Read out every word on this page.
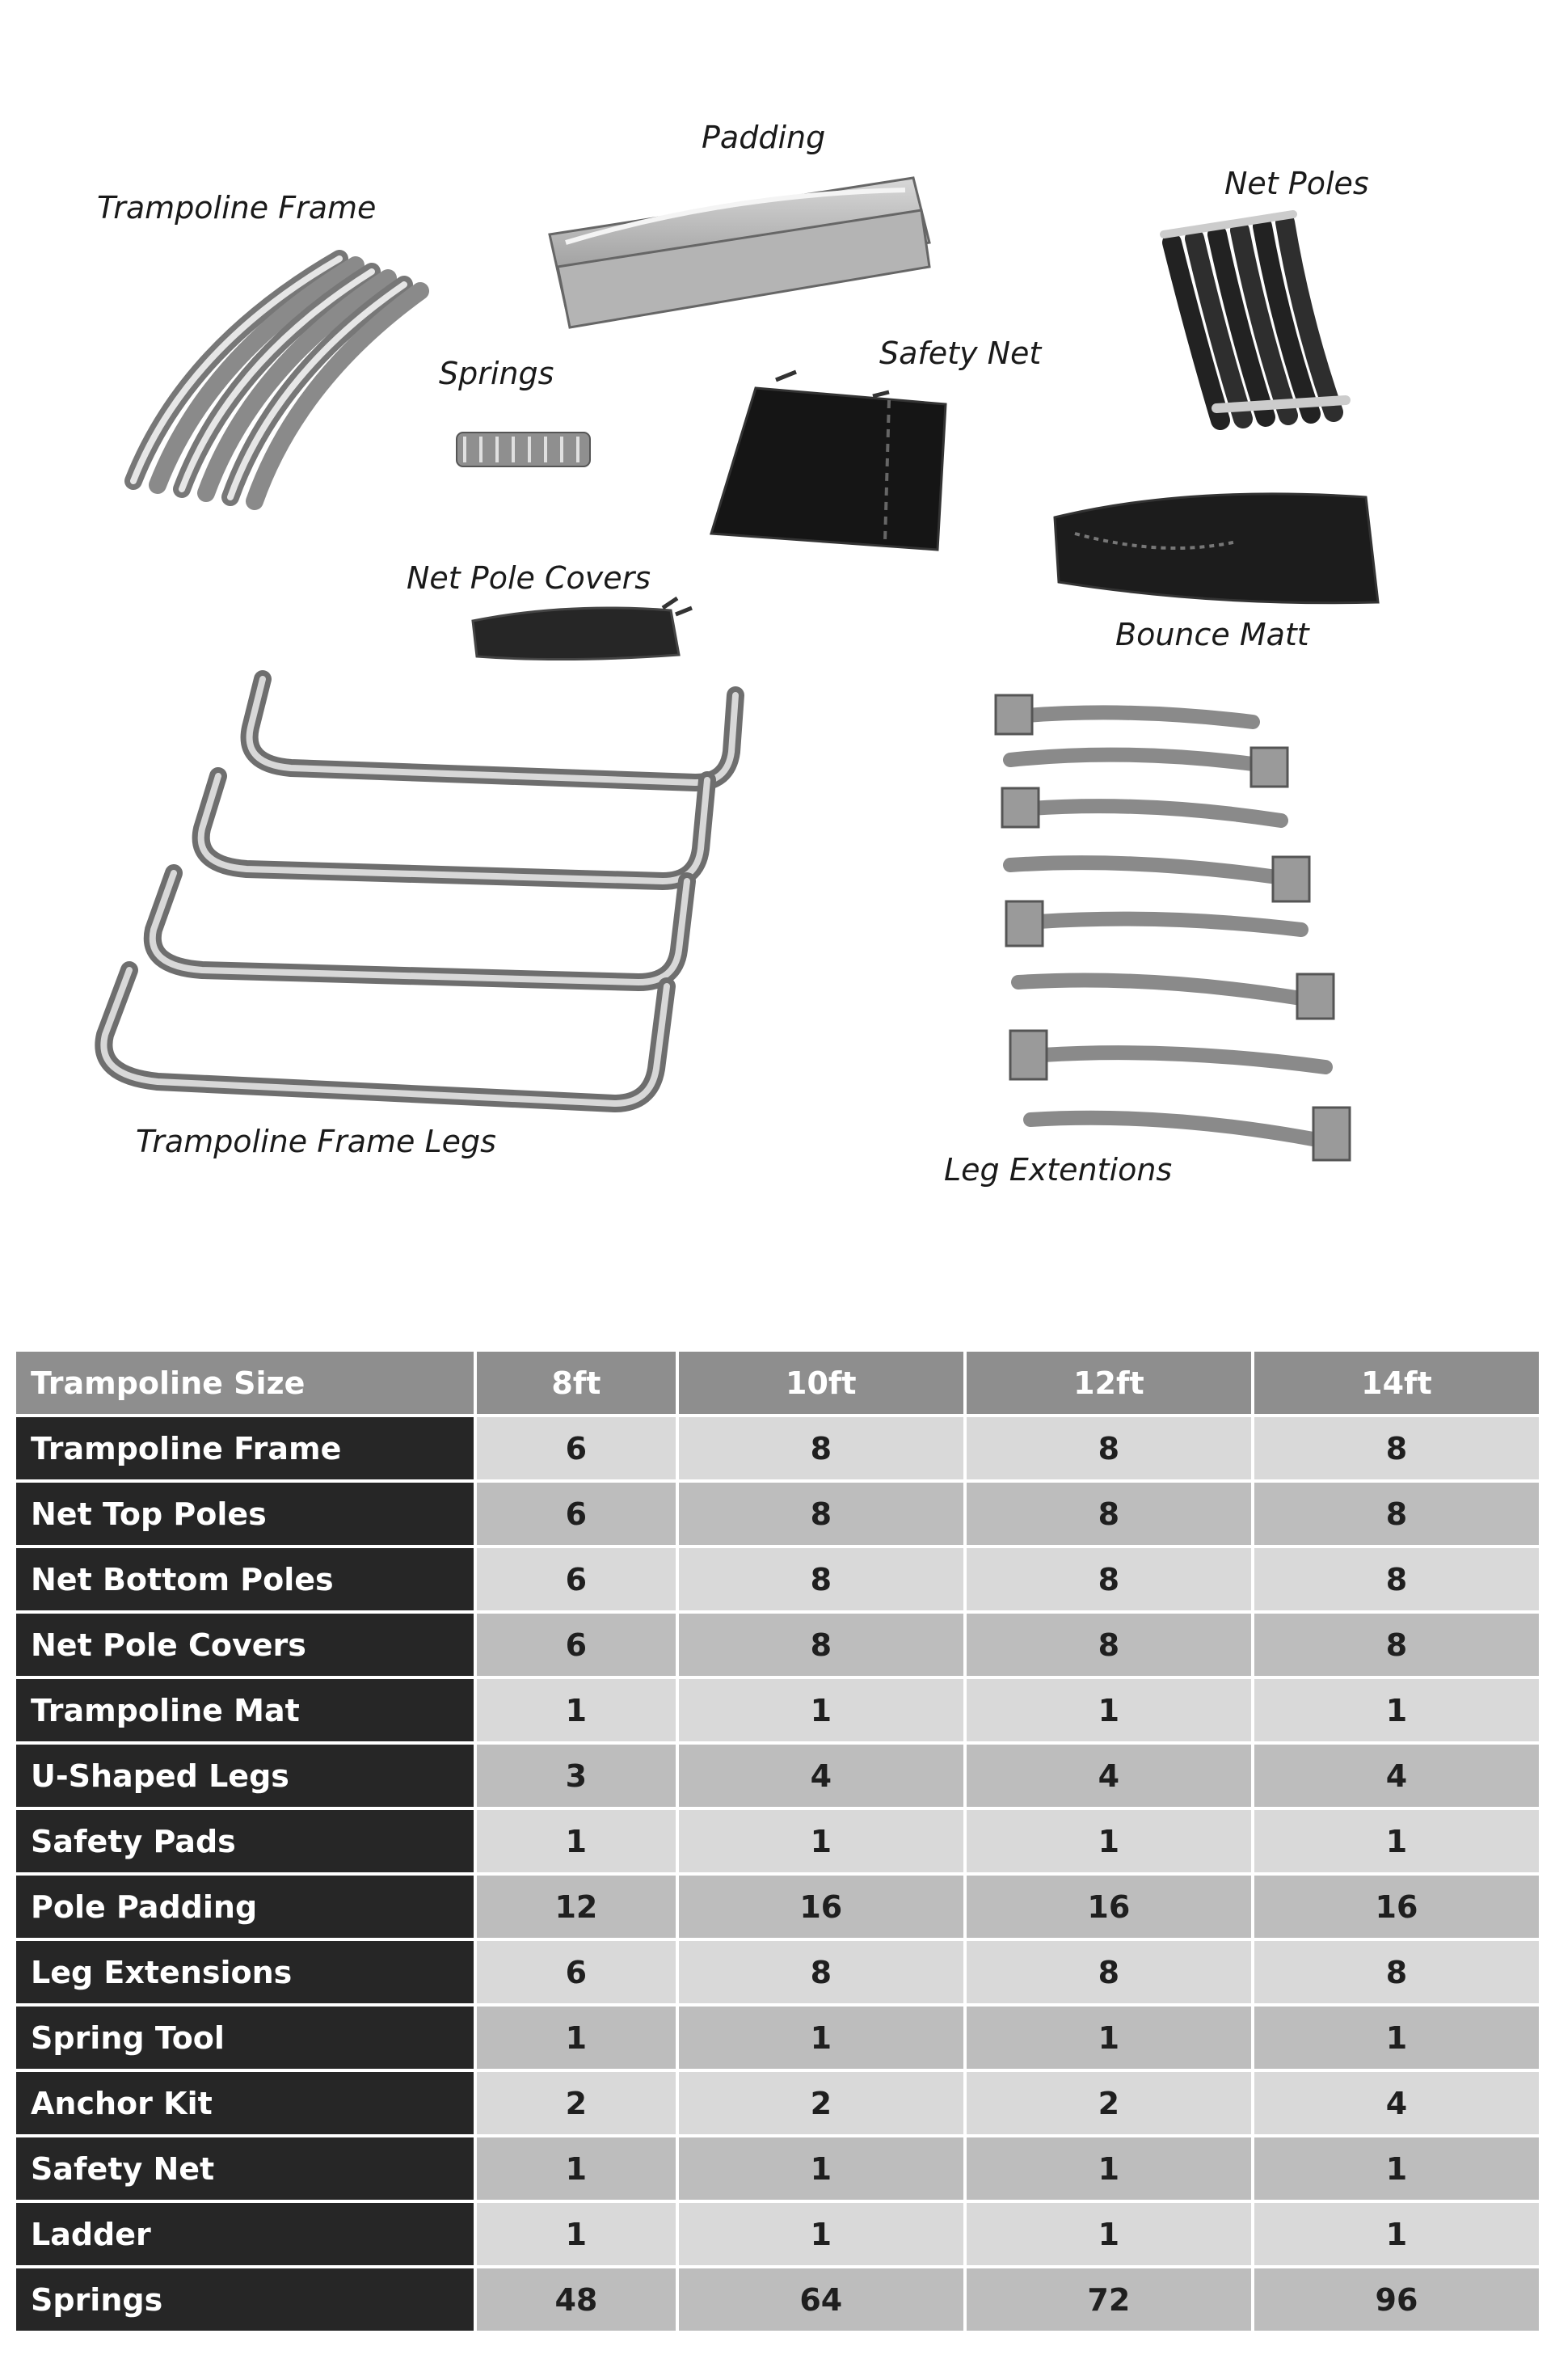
Padding
Trampoline Frame
Net Poles
Springs
Safety Net
Net Pole Covers
Bounce Matt
Trampoline Frame Legs
Leg Extentions
Trampoline Size	8ft	10ft	12ft	14ft
Trampoline Frame	6	8	8	8
Net Top Poles	6	8	8	8
Net Bottom Poles	6	8	8	8
Net Pole Covers	6	8	8	8
Trampoline Mat	1	1	1	1
U-Shaped Legs	3	4	4	4
Safety Pads	1	1	1	1
Pole Padding	12	16	16	16
Leg Extensions	6	8	8	8
Spring Tool	1	1	1	1
Anchor Kit	2	2	2	4
Safety Net	1	1	1	1
Ladder	1	1	1	1
Springs	48	64	72	96
